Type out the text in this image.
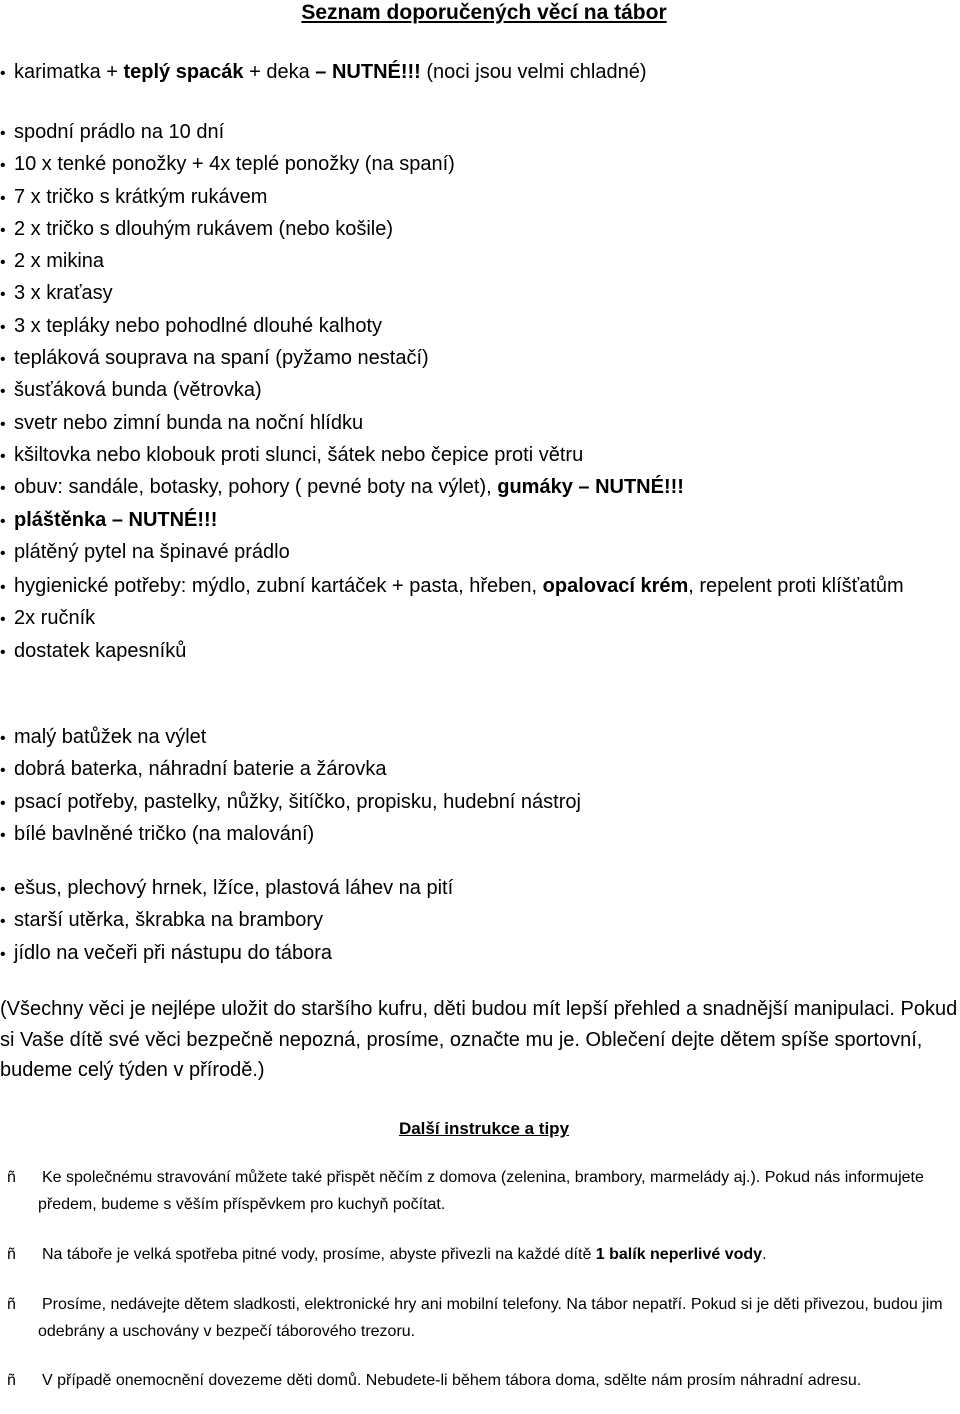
Seznam doporučených věcí na tábor
• karimatka + teplý spacák + deka – NUTNÉ!!! (noci jsou velmi chladné)
• spodní prádlo na 10 dní
• 10 x tenké ponožky + 4x teplé ponožky (na spaní)
• 7 x tričko s krátkým rukávem
• 2 x tričko s dlouhým rukávem (nebo košile)
• 2 x mikina
• 3 x kraťasy
• 3 x tepláky nebo pohodlné dlouhé kalhoty
• tepláková souprava na spaní (pyžamo nestačí)
• šusťáková bunda (větrovka)
• svetr nebo zimní bunda na noční hlídku
• kšiltovka nebo klobouk proti slunci, šátek nebo čepice proti větru
• obuv: sandále, botasky, pohory ( pevné boty na výlet), gumáky – NUTNÉ!!!
• pláštěnka – NUTNÉ!!!
• plátěný pytel na špinavé prádlo
• hygienické potřeby: mýdlo, zubní kartáček + pasta, hřeben, opalovací krém, repelent proti klíšťatům
• 2x ručník
• dostatek kapesníků
• malý batůžek na výlet
• dobrá baterka, náhradní baterie a žárovka
• psací potřeby, pastelky, nůžky, šitíčko, propisku, hudební nástroj
• bílé bavlněné tričko (na malování)
• ešus, plechový hrnek, lžíce, plastová láhev na pití
• starší utěrka, škrabka na brambory
• jídlo na večeři při nástupu do tábora

(Všechny věci je nejlépe uložit do staršího kufru, děti budou mít lepší přehled a snadnější manipulaci. Pokud si Vaše dítě své věci bezpečně nepozná, prosíme, označte mu je. Oblečení dejte dětem spíše sportovní, budeme celý týden v přírodě.)

Další instrukce a tipy
ñ	Ke společnému stravování můžete také přispět něčím z domova (zelenina, brambory, marmelády aj.). Pokud nás informujete předem, budeme s věším příspěvkem pro kuchyň počítat.
ñ	Na táboře je velká spotřeba pitné vody, prosíme, abyste přivezli na každé dítě 1 balík neperlivé vody.
ñ	Prosíme, nedávejte dětem sladkosti, elektronické hry ani mobilní telefony. Na tábor nepatří. Pokud si je děti přivezou, budou jim odebrány a uschovány v bezpečí táborového trezoru.
ñ	V případě onemocnění dovezeme děti domů. Nebudete-li během tábora doma, sdělte nám prosím náhradní adresu.
